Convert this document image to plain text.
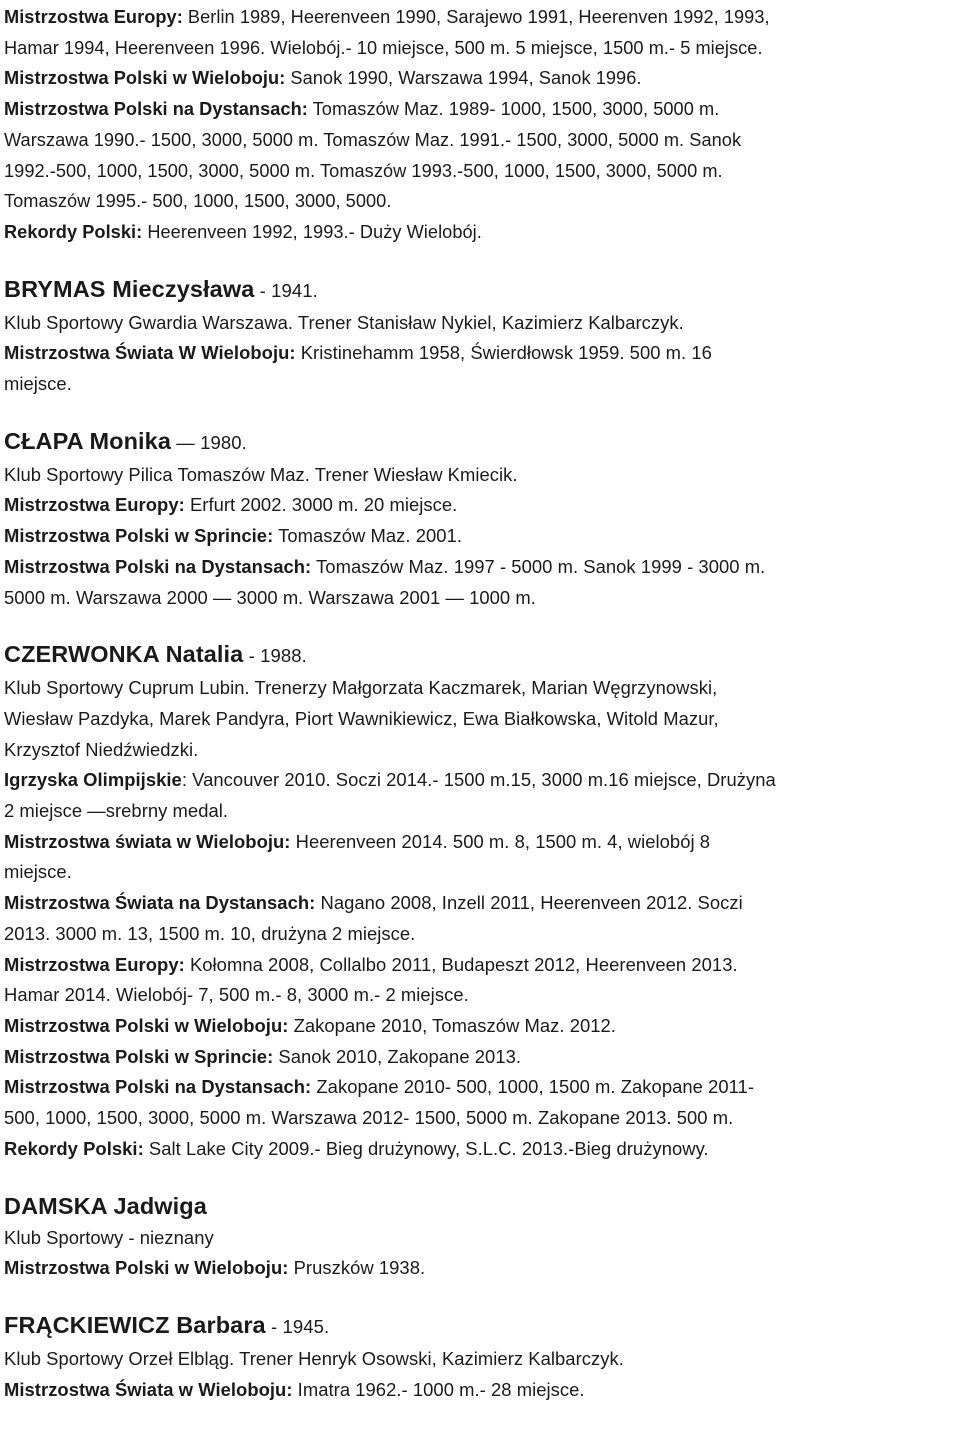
Mistrzostwa Europy: Berlin 1989, Heerenveen 1990, Sarajewo 1991, Heerenven 1992, 1993,
Hamar 1994, Heerenveen 1996. Wielobój.- 10 miejsce, 500 m. 5 miejsce, 1500 m.- 5 miejsce.
Mistrzostwa Polski w Wieloboju: Sanok 1990, Warszawa 1994, Sanok 1996.
Mistrzostwa Polski na Dystansach: Tomaszów Maz. 1989- 1000, 1500, 3000, 5000 m.
Warszawa 1990.- 1500, 3000, 5000 m. Tomaszów Maz. 1991.- 1500, 3000, 5000 m. Sanok
1992.-500, 1000, 1500, 3000, 5000 m. Tomaszów 1993.-500, 1000, 1500, 3000, 5000 m.
Tomaszów 1995.- 500, 1000, 1500, 3000, 5000.
Rekordy Polski: Heerenveen 1992, 1993.- Duży Wielobój.
BRYMAS Mieczysława - 1941.
Klub Sportowy Gwardia Warszawa. Trener Stanisław Nykiel, Kazimierz Kalbarczyk.
Mistrzostwa Świata W Wieloboju: Kristinehamm 1958, Świerdłowsk 1959. 500 m. 16
miejsce.
CŁAPA Monika — 1980.
Klub Sportowy Pilica Tomaszów Maz. Trener Wiesław Kmiecik.
Mistrzostwa Europy: Erfurt 2002. 3000 m. 20 miejsce.
Mistrzostwa Polski w Sprincie: Tomaszów Maz. 2001.
Mistrzostwa Polski na Dystansach: Tomaszów Maz. 1997 - 5000 m. Sanok 1999 - 3000 m.
5000 m. Warszawa 2000 — 3000 m. Warszawa 2001 — 1000 m.
CZERWONKA Natalia - 1988.
Klub Sportowy Cuprum Lubin. Trenerzy Małgorzata Kaczmarek, Marian Węgrzynowski,
Wiesław Pazdyka, Marek Pandyra, Piort Wawnikiewicz, Ewa Białkowska, Witold Mazur,
Krzysztof Niedźwiedzki.
Igrzyska Olimpijskie: Vancouver 2010. Soczi 2014.- 1500 m.15, 3000 m.16 miejsce, Drużyna
2 miejsce —srebrny medal.
Mistrzostwa świata w Wieloboju: Heerenveen 2014. 500 m. 8, 1500 m. 4, wielobój 8
miejsce.
Mistrzostwa Świata na Dystansach: Nagano 2008, Inzell 2011, Heerenveen 2012. Soczi
2013. 3000 m. 13, 1500 m. 10, drużyna 2 miejsce.
Mistrzostwa Europy: Kołomna 2008, Collalbo 2011, Budapeszt 2012, Heerenveen 2013.
Hamar 2014. Wielobój- 7, 500 m.- 8, 3000 m.- 2 miejsce.
Mistrzostwa Polski w Wieloboju: Zakopane 2010, Tomaszów Maz. 2012.
Mistrzostwa Polski w Sprincie: Sanok 2010, Zakopane 2013.
Mistrzostwa Polski na Dystansach: Zakopane 2010- 500, 1000, 1500 m. Zakopane 2011-
500, 1000, 1500, 3000, 5000 m. Warszawa 2012- 1500, 5000 m. Zakopane 2013. 500 m.
Rekordy Polski: Salt Lake City 2009.- Bieg drużynowy, S.L.C. 2013.-Bieg drużynowy.
DAMSKA Jadwiga
Klub Sportowy - nieznany
Mistrzostwa Polski w Wieloboju: Pruszków 1938.
FRĄCKIEWICZ Barbara - 1945.
Klub Sportowy Orzeł Elbląg. Trener Henryk Osowski, Kazimierz Kalbarczyk.
Mistrzostwa Świata w Wieloboju: Imatra 1962.- 1000 m.- 28 miejsce.
